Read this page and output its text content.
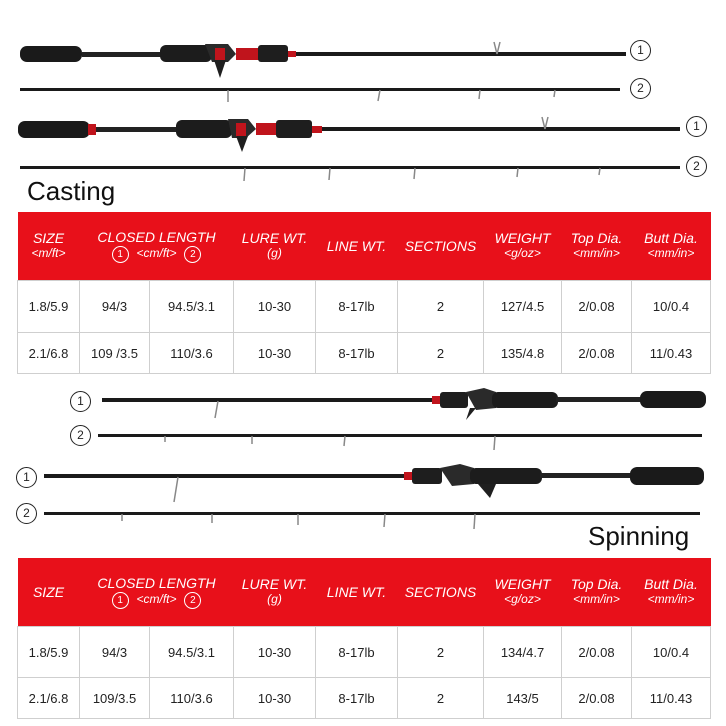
1
2
1
2
Casting
SIZE
<m/ft>	CLOSED LENGTH
1 <cm/ft> 2		LURE WT.
(g)	LINE WT.	SECTIONS	WEIGHT
<g/oz>	Top Dia.
<mm/in>	Butt Dia.
<mm/in>

1.8/5.9	94/3	94.5/3.1	10-30	8-17lb	2	127/4.5	2/0.08	10/0.4
2.1/6.8	109 /3.5	110/3.6	10-30	8-17lb	2	135/4.8	2/0.08	11/0.43
1
2
1
2
Spinning
SIZE	CLOSED LENGTH
1 <cm/ft> 2		LURE WT.
(g)	LINE WT.	SECTIONS	WEIGHT
<g/oz>	Top Dia.
<mm/in>	Butt Dia.
<mm/in>

1.8/5.9	94/3	94.5/3.1	10-30	8-17lb	2	134/4.7	2/0.08	10/0.4
2.1/6.8	109/3.5	110/3.6	10-30	8-17lb	2	143/5	2/0.08	11/0.43
